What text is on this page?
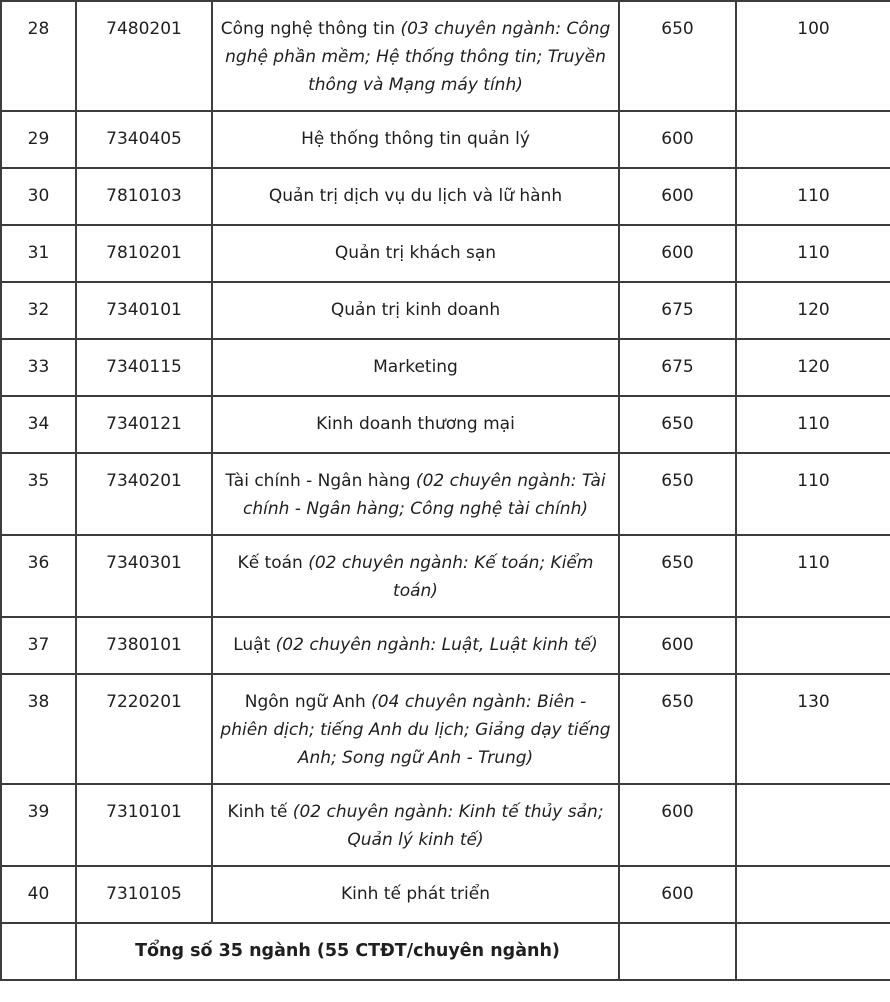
28	7480201	Công nghệ thông tin (03 chuyên ngành: Công nghệ phần mềm; Hệ thống thông tin; Truyền thông và Mạng máy tính)	650	100
29	7340405	Hệ thống thông tin quản lý	600	
30	7810103	Quản trị dịch vụ du lịch và lữ hành	600	110
31	7810201	Quản trị khách sạn	600	110
32	7340101	Quản trị kinh doanh	675	120
33	7340115	Marketing	675	120
34	7340121	Kinh doanh thương mại	650	110
35	7340201	Tài chính - Ngân hàng (02 chuyên ngành: Tài chính - Ngân hàng; Công nghệ tài chính)	650	110
36	7340301	Kế toán (02 chuyên ngành: Kế toán; Kiểm toán)	650	110
37	7380101	Luật (02 chuyên ngành: Luật, Luật kinh tế)	600	
38	7220201	Ngôn ngữ Anh (04 chuyên ngành: Biên - phiên dịch; tiếng Anh du lịch; Giảng dạy tiếng Anh; Song ngữ Anh - Trung)	650	130
39	7310101	Kinh tế (02 chuyên ngành: Kinh tế thủy sản; Quản lý kinh tế)	600	
40	7310105	Kinh tế phát triển	600	
	Tổng số 35 ngành (55 CTĐT/chuyên ngành)			
